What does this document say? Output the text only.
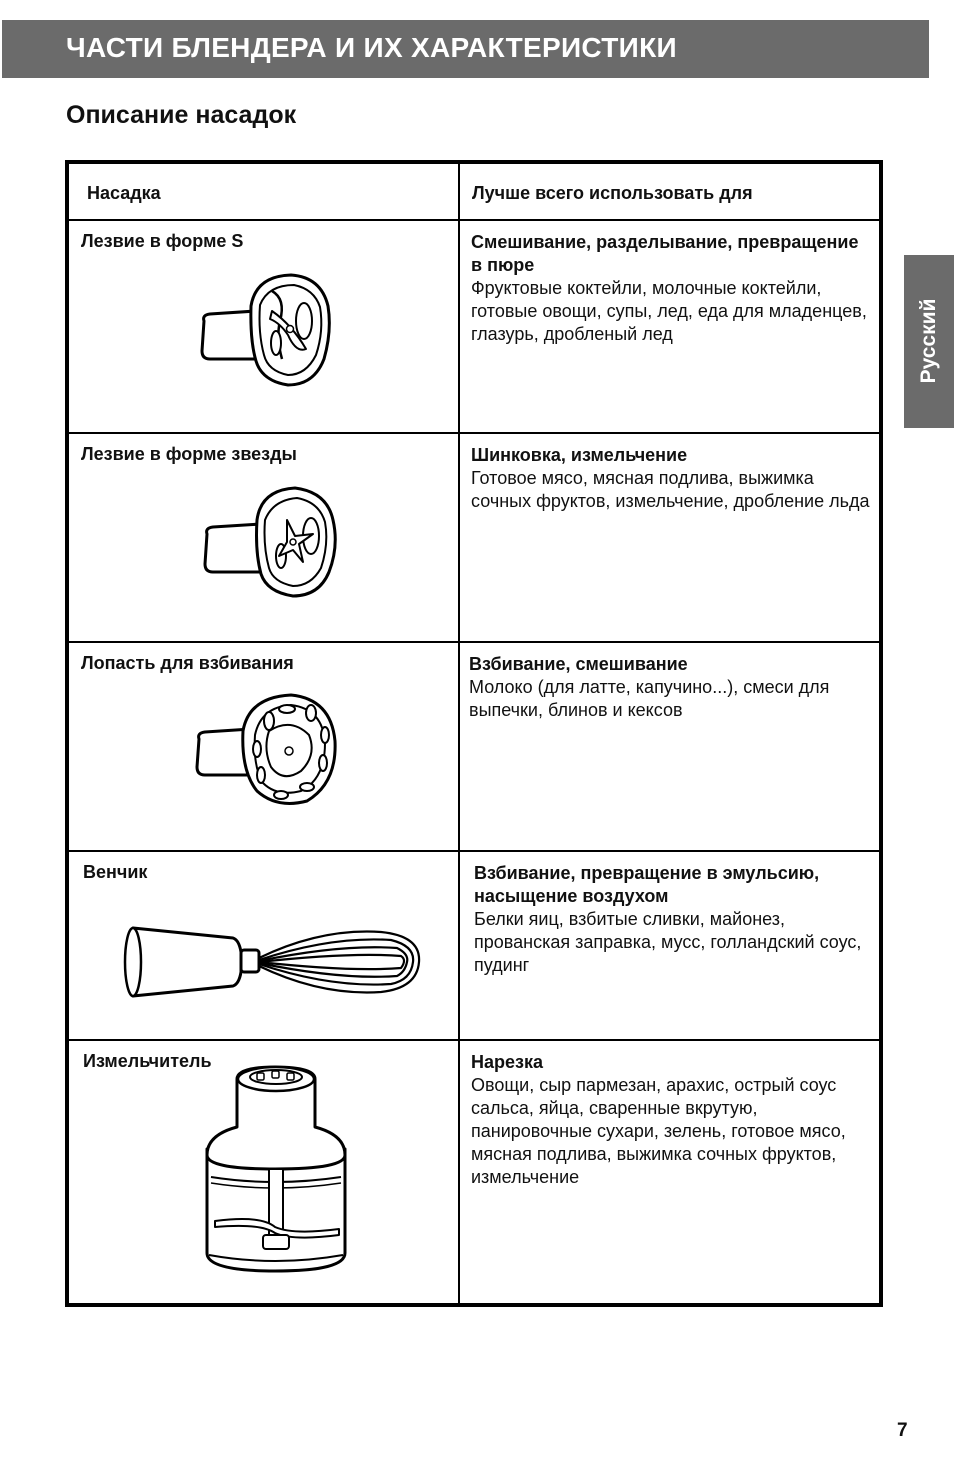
ЧАСТИ БЛЕНДЕРА И ИХ ХАРАКТЕРИСТИКИ
Описание насадок
Русский
Насадка	Лучше всего использовать для

Лезвие в форме S	Смешивание, разделывание, превращение в пюре
Фруктовые коктейли, молочные коктейли, готовые овощи, супы, лед, еда для младенцев, глазурь, дробленый лед

Лезвие в форме звезды	Шинковка, измельчение
Готовое мясо, мясная подлива, выжимка сочных фруктов, измельчение, дробление льда

Лопасть для взбивания	Взбивание, смешивание
Молоко (для латте, капучино...), смеси для выпечки, блинов и кексов

Венчик	Взбивание, превращение в эмульсию, насыщение воздухом
Белки яиц, взбитые сливки, майонез, прованская заправка, мусс, голландский соус, пудинг

Измельчитель	Нарезка
Овощи, сыр пармезан, арахис, острый соус сальса, яйца, сваренные вкрутую, панировочные сухари, зелень, готовое мясо, мясная подлива, выжимка сочных фруктов, измельчение
7
